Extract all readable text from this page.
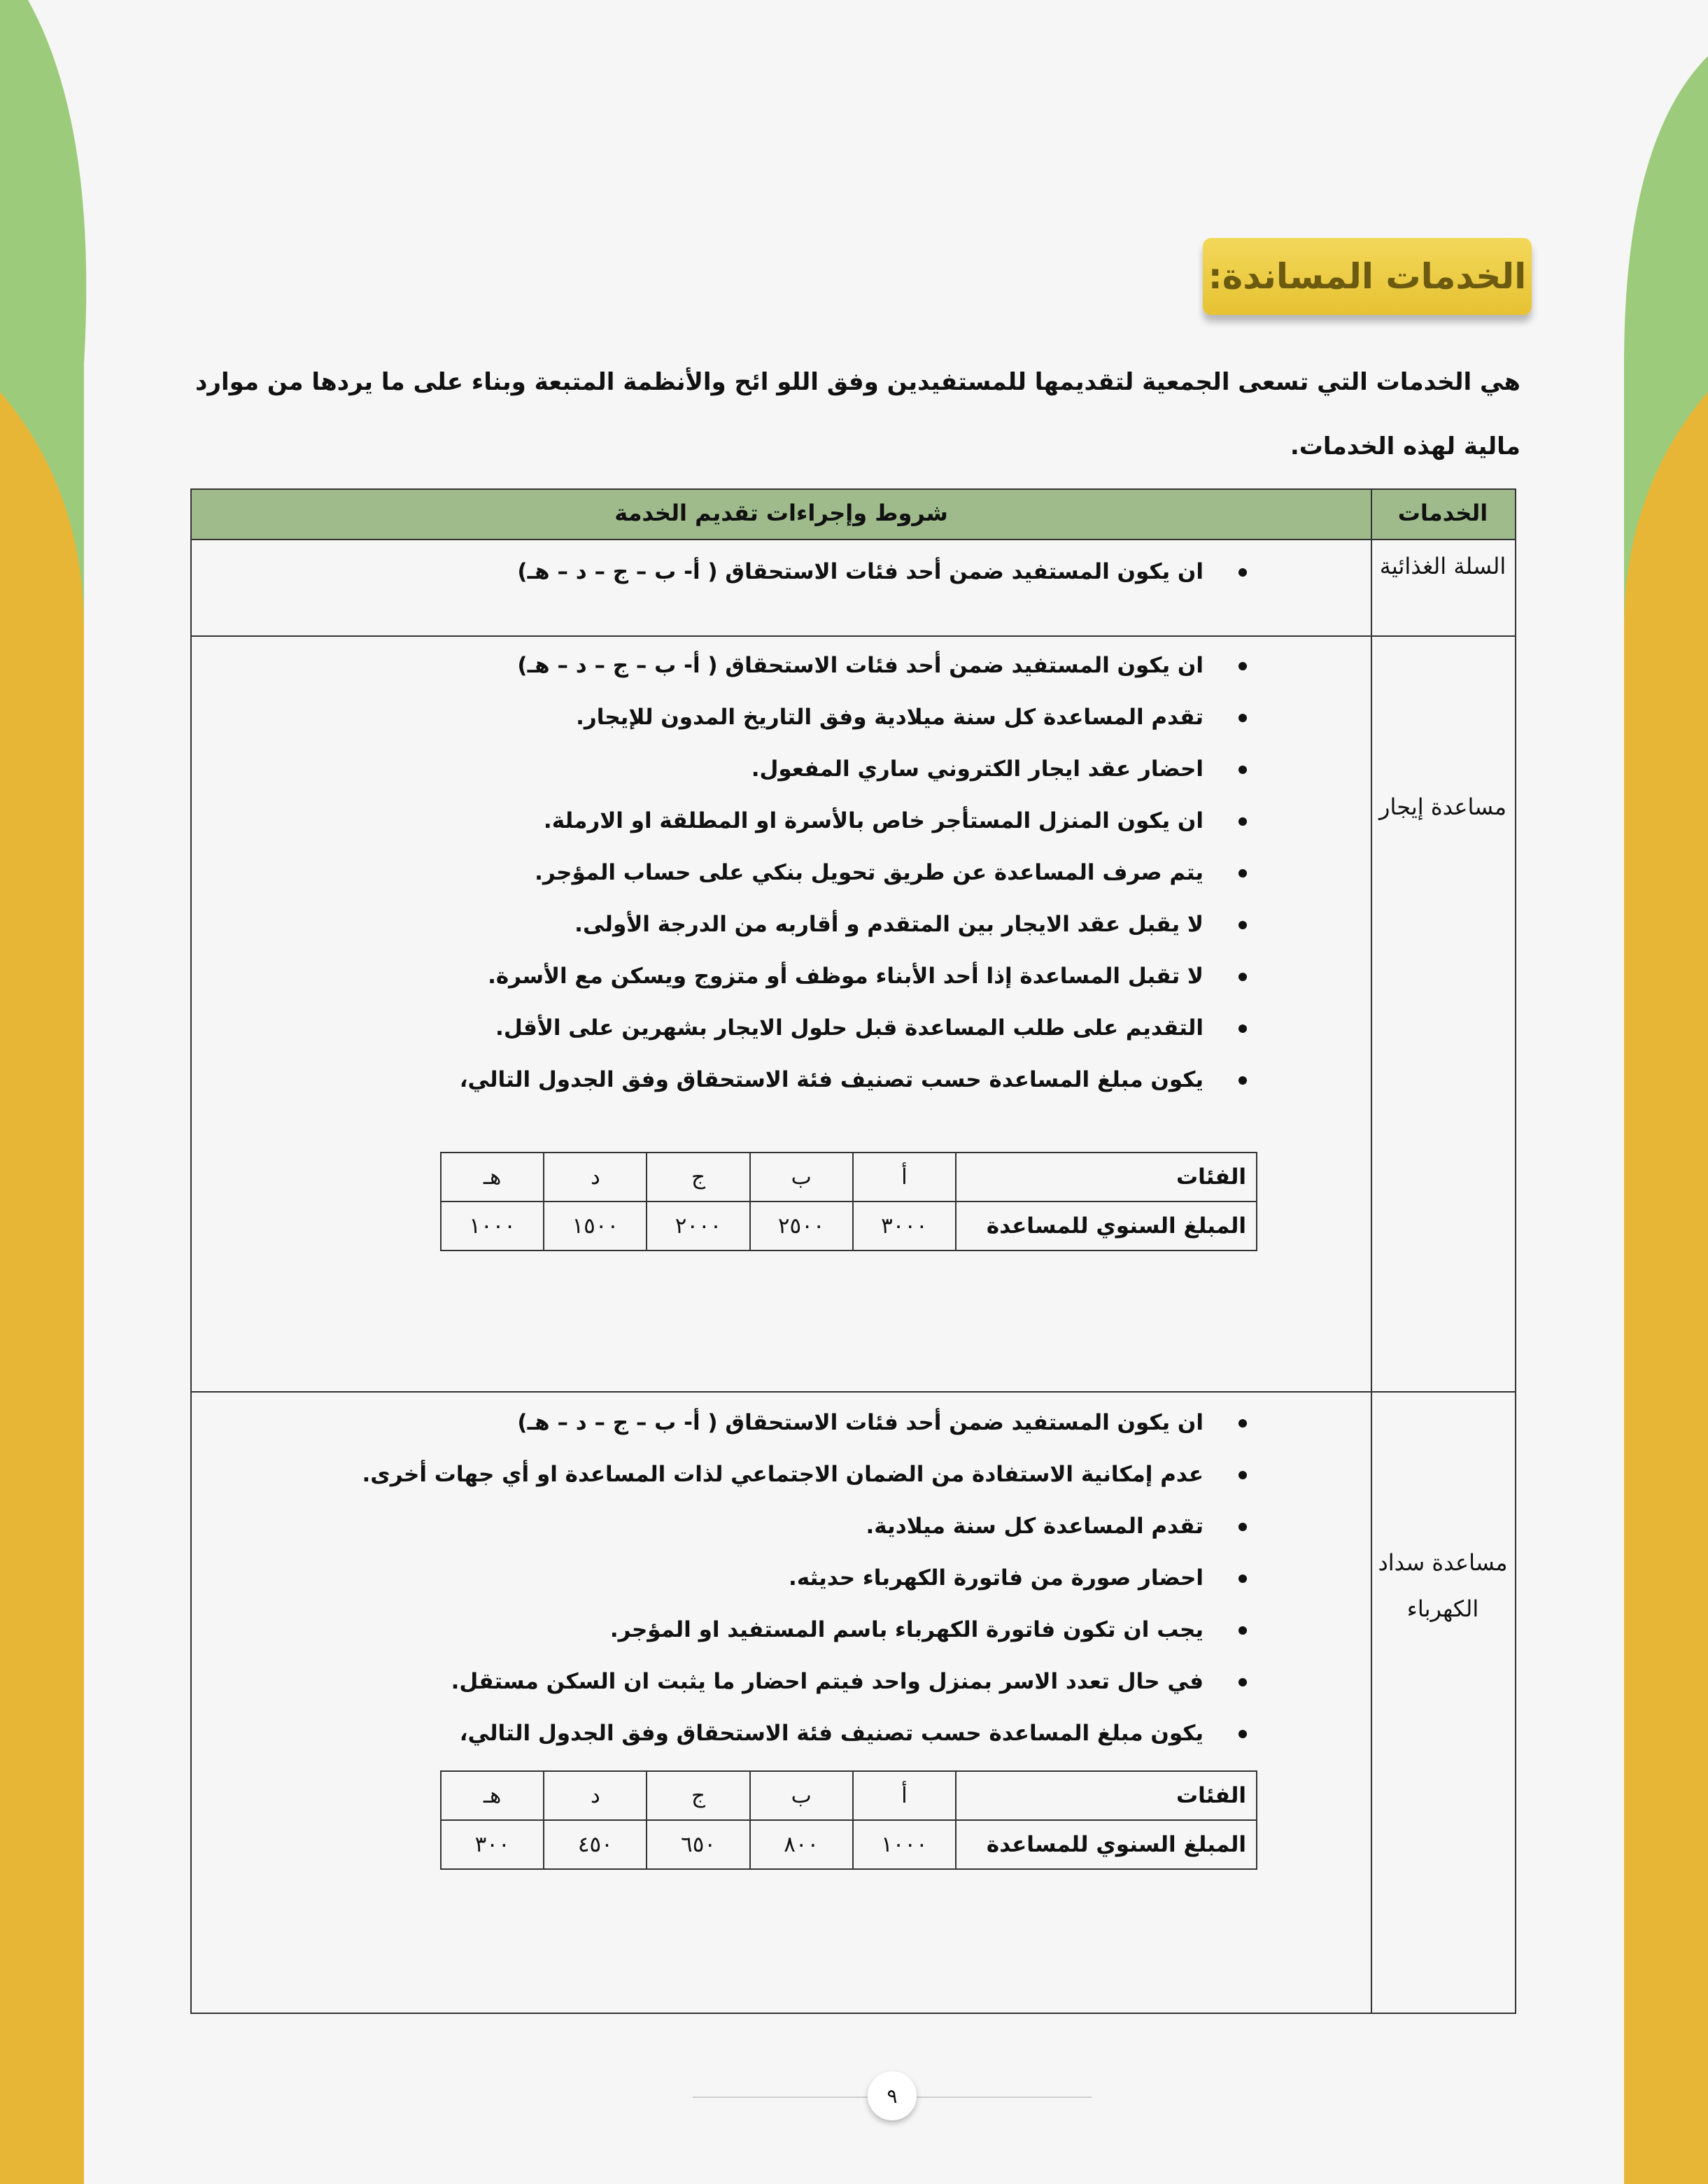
الخدمات المساندة:
هي الخدمات التي تسعى الجمعية لتقديمها للمستفيدين وفق اللو ائح والأنظمة المتبعة وبناء على ما يردها من موارد مالية لهذه الخدمات.
الخدمات
شروط وإجراءات تقديم الخدمة
السلة الغذائية
ان يكون المستفيد ضمن أحد فئات الاستحقاق ( أ- ب – ج – د – هـ)
مساعدة إيجار
ان يكون المستفيد ضمن أحد فئات الاستحقاق ( أ- ب – ج – د – هـ)
تقدم المساعدة كل سنة ميلادية وفق التاريخ المدون للإيجار.
احضار عقد ايجار الكتروني ساري المفعول.
ان يكون المنزل المستأجر خاص بالأسرة او المطلقة او الارملة.
يتم صرف المساعدة عن طريق تحويل بنكي على حساب المؤجر.
لا يقبل عقد الايجار بين المتقدم و أقاربه من الدرجة الأولى.
لا تقبل المساعدة إذا أحد الأبناء موظف أو متزوج ويسكن مع الأسرة.
التقديم على طلب المساعدة قبل حلول الايجار بشهرين على الأقل.
يكون مبلغ المساعدة حسب تصنيف فئة الاستحقاق وفق الجدول التالي،
الفئات	أ	ب	ج	د	هـ
المبلغ السنوي للمساعدة	٣٠٠٠	٢٥٠٠	٢٠٠٠	١٥٠٠	١٠٠٠
مساعدة سداد الكهرباء
ان يكون المستفيد ضمن أحد فئات الاستحقاق ( أ- ب – ج – د – هـ)
عدم إمكانية الاستفادة من الضمان الاجتماعي لذات المساعدة او أي جهات أخرى.
تقدم المساعدة كل سنة ميلادية.
احضار صورة من فاتورة الكهرباء حديثه.
يجب ان تكون فاتورة الكهرباء باسم المستفيد او المؤجر.
في حال تعدد الاسر بمنزل واحد فيتم احضار ما يثبت ان السكن مستقل.
يكون مبلغ المساعدة حسب تصنيف فئة الاستحقاق وفق الجدول التالي،
الفئات	أ	ب	ج	د	هـ
المبلغ السنوي للمساعدة	١٠٠٠	٨٠٠	٦٥٠	٤٥٠	٣٠٠
٩
